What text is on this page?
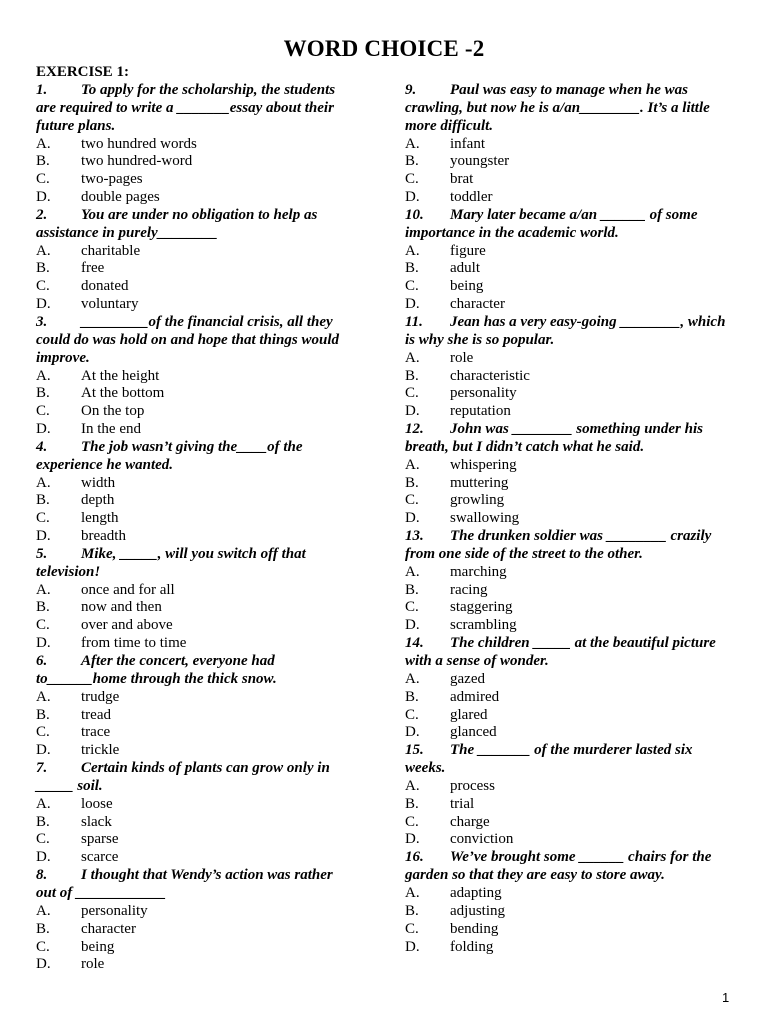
WORD CHOICE -2
EXERCISE 1:

1. To apply for the scholarship, the students are required to write a _______essay about their future plans.

A. two hundred words
B. two hundred-word
C. two-pages
D. double pages

2. You are under no obligation to help as assistance in purely________

A. charitable
B. free
C. donated
D. voluntary

3. _________of the financial crisis, all they could do was hold on and hope that things would improve.

A. At the height
B. At the bottom
C. On the top
D. In the end

4. The job wasn’t giving the____of the experience he wanted.

A. width
B. depth
C. length
D. breadth

5. Mike, _____, will you switch off that television!

A. once and for all
B. now and then
C. over and above
D. from time to time

6. After the concert, everyone had to______home through the thick snow.

A. trudge
B. tread
C. trace
D. trickle

7. Certain kinds of plants can grow only in _____ soil.

A. loose
B. slack
C. sparse
D. scarce

8. I thought that Wendy’s action was rather out of ____________

A. personality
B. character
C. being
D. role

9. Paul was easy to manage when he was crawling, but now he is a/an________. It’s a little more difficult.

A. infant
B. youngster
C. brat
D. toddler

10. Mary later became a/an ______ of some importance in the academic world.

A. figure
B. adult
C. being
D. character

11. Jean has a very easy-going ________, which is why she is so popular.

A. role
B. characteristic
C. personality
D. reputation

12. John was ________ something under his breath, but I didn’t catch what he said.

A. whispering
B. muttering
C. growling
D. swallowing

13. The drunken soldier was ________ crazily from one side of the street to the other.

A. marching
B. racing
C. staggering
D. scrambling

14. The children _____ at the beautiful picture with a sense of wonder.

A. gazed
B. admired
C. glared
D. glanced

15. The _______ of the murderer lasted six weeks.

A. process
B. trial
C. charge
D. conviction

16. We’ve brought some ______ chairs for the garden so that they are easy to store away.

A. adapting
B. adjusting
C. bending
D. folding
1
